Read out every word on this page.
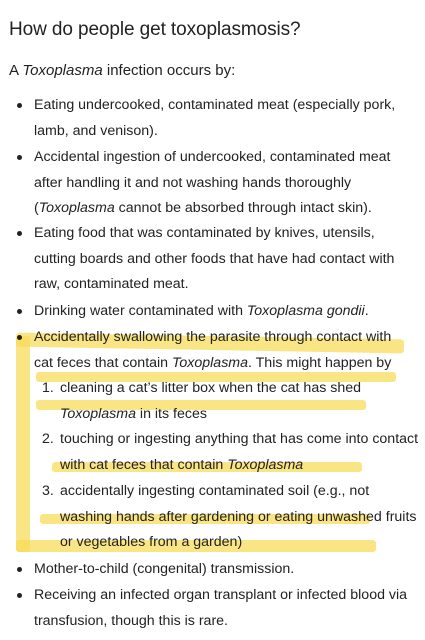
How do people get toxoplasmosis?

A Toxoplasma infection occurs by:

Eating undercooked, contaminated meat (especially pork,
lamb, and venison).
Accidental ingestion of undercooked, contaminated meat
after handling it and not washing hands thoroughly
(Toxoplasma cannot be absorbed through intact skin).
Eating food that was contaminated by knives, utensils,
cutting boards and other foods that have had contact with
raw, contaminated meat.
Drinking water contaminated with Toxoplasma gondii.
Accidentally swallowing the parasite through contact with
cat feces that contain Toxoplasma. This might happen by
1. cleaning a cat’s litter box when the cat has shed
Toxoplasma in its feces
2. touching or ingesting anything that has come into contact
with cat feces that contain Toxoplasma
3. accidentally ingesting contaminated soil (e.g., not
washing hands after gardening or eating unwashed fruits
or vegetables from a garden)
Mother-to-child (congenital) transmission.
Receiving an infected organ transplant or infected blood via
transfusion, though this is rare.
